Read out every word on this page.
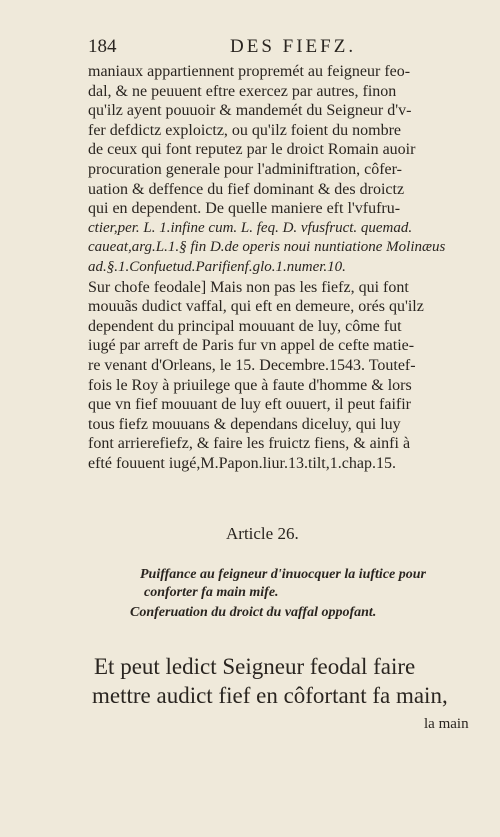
184	DES FIEFZ.
maniaux appartiennent propremét au feigneur feo-
dal, & ne peuuent eftre exercez par autres, finon
qu'ilz ayent pouuoir & mandemét du Seigneur d'v-
fer defdictz exploictz, ou qu'ilz foient du nombre
de ceux qui font reputez par le droict Romain auoir
procuration generale pour l'adminiftration, côfer-
uation & deffence du fief dominant & des droictz
qui en dependent. De quelle maniere eft l'vfufru-
ctier,per. L. 1.infine cum. L. feq. D. vfusfruct. quemad.
caueat,arg.L.1.§ fin D.de operis noui nuntiatione Molinæus
ad.§.1.Confuetud.Parifienf.glo.1.numer.10.
Sur chofe feodale] Mais non pas les fiefz, qui font
mouuãs dudict vaffal, qui eft en demeure, orés qu'ilz
dependent du principal mouuant de luy, côme fut
iugé par arreft de Paris fur vn appel de cefte matie-
re venant d'Orleans, le 15. Decembre.1543. Toutef-
fois le Roy à priuilege que à faute d'homme & lors
que vn fief mouuant de luy eft ouuert, il peut faifir
tous fiefz mouuans & dependans diceluy, qui luy
font arrierefiefz, & faire les fruictz fiens, & ainfi à
efté fouuent iugé,M.Papon.liur.13.tilt,1.chap.15.
Article 26.
Puiffance au feigneur d'inuocquer la iuftice pour
conforter fa main mife.
Conferuation du droict du vaffal oppofant.
Et peut ledict Seigneur feodal faire
mettre audict fief en côfortant fa main,
la main
